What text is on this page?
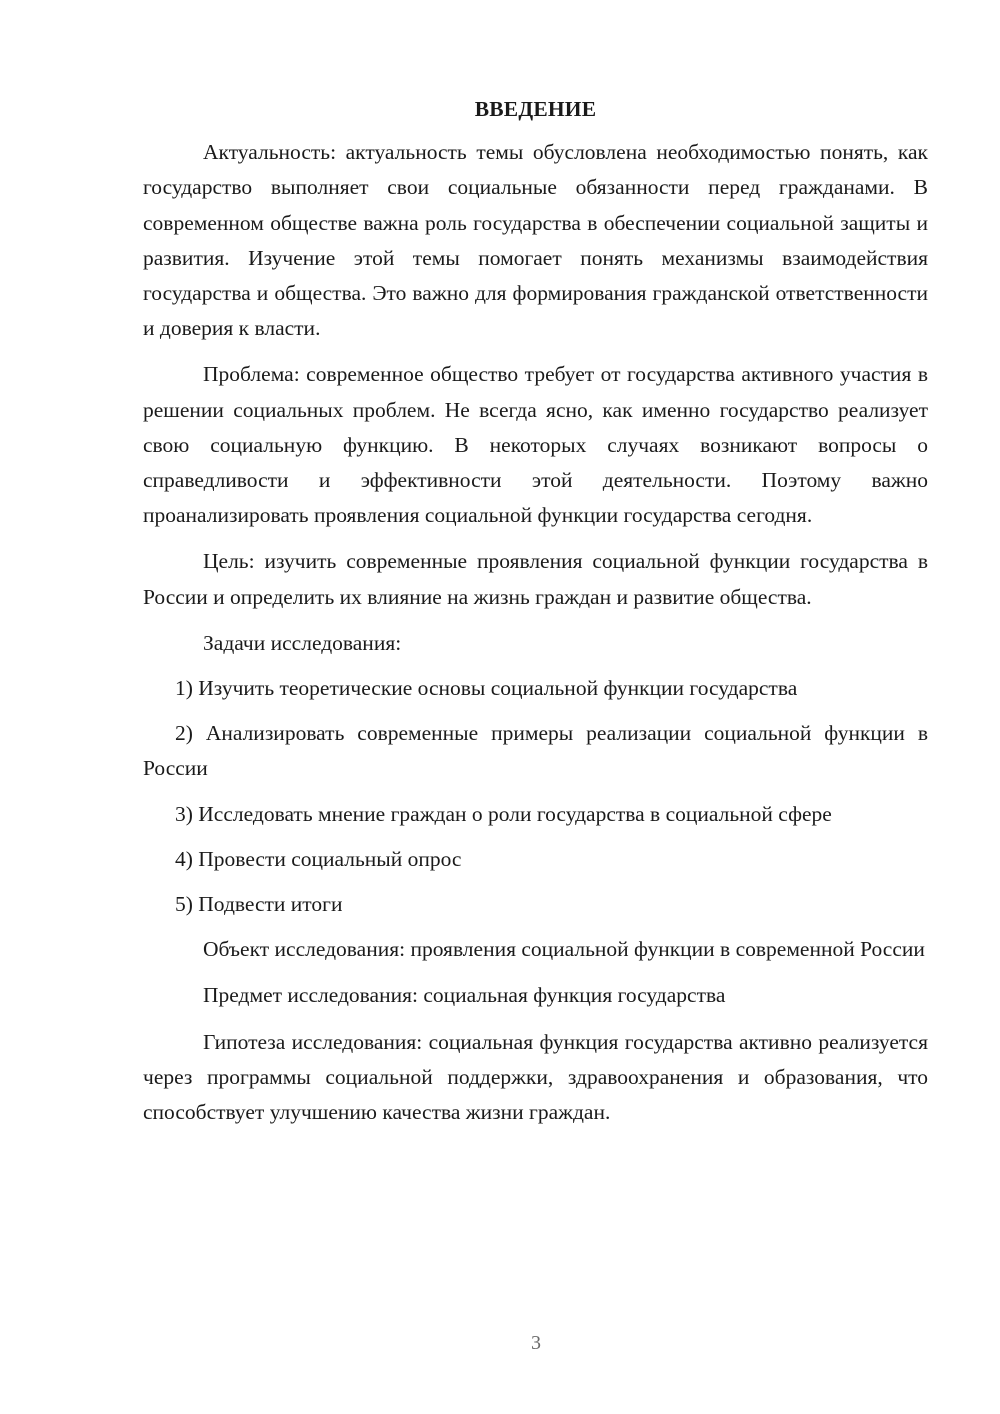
ВВЕДЕНИЕ

Актуальность: актуальность темы обусловлена необходимостью понять, как государство выполняет свои социальные обязанности перед гражданами. В современном обществе важна роль государства в обеспечении социальной защиты и развития. Изучение этой темы помогает понять механизмы взаимодействия государства и общества. Это важно для формирования гражданской ответственности и доверия к власти.

Проблема: современное общество требует от государства активного участия в решении социальных проблем. Не всегда ясно, как именно государство реализует свою социальную функцию. В некоторых случаях возникают вопросы о справедливости и эффективности этой деятельности. Поэтому важно проанализировать проявления социальной функции государства сегодня.

Цель: изучить современные проявления социальной функции государства в России и определить их влияние на жизнь граждан и развитие общества.

Задачи исследования:

1) Изучить теоретические основы социальной функции государства

2) Анализировать современные примеры реализации социальной функции в России

3) Исследовать мнение граждан о роли государства в социальной сфере

4) Провести социальный опрос

5) Подвести итоги

Объект исследования: проявления социальной функции в современной России

Предмет исследования: социальная функция государства

Гипотеза исследования: социальная функция государства активно реализуется через программы социальной поддержки, здравоохранения и образования, что способствует улучшению качества жизни граждан.

3
